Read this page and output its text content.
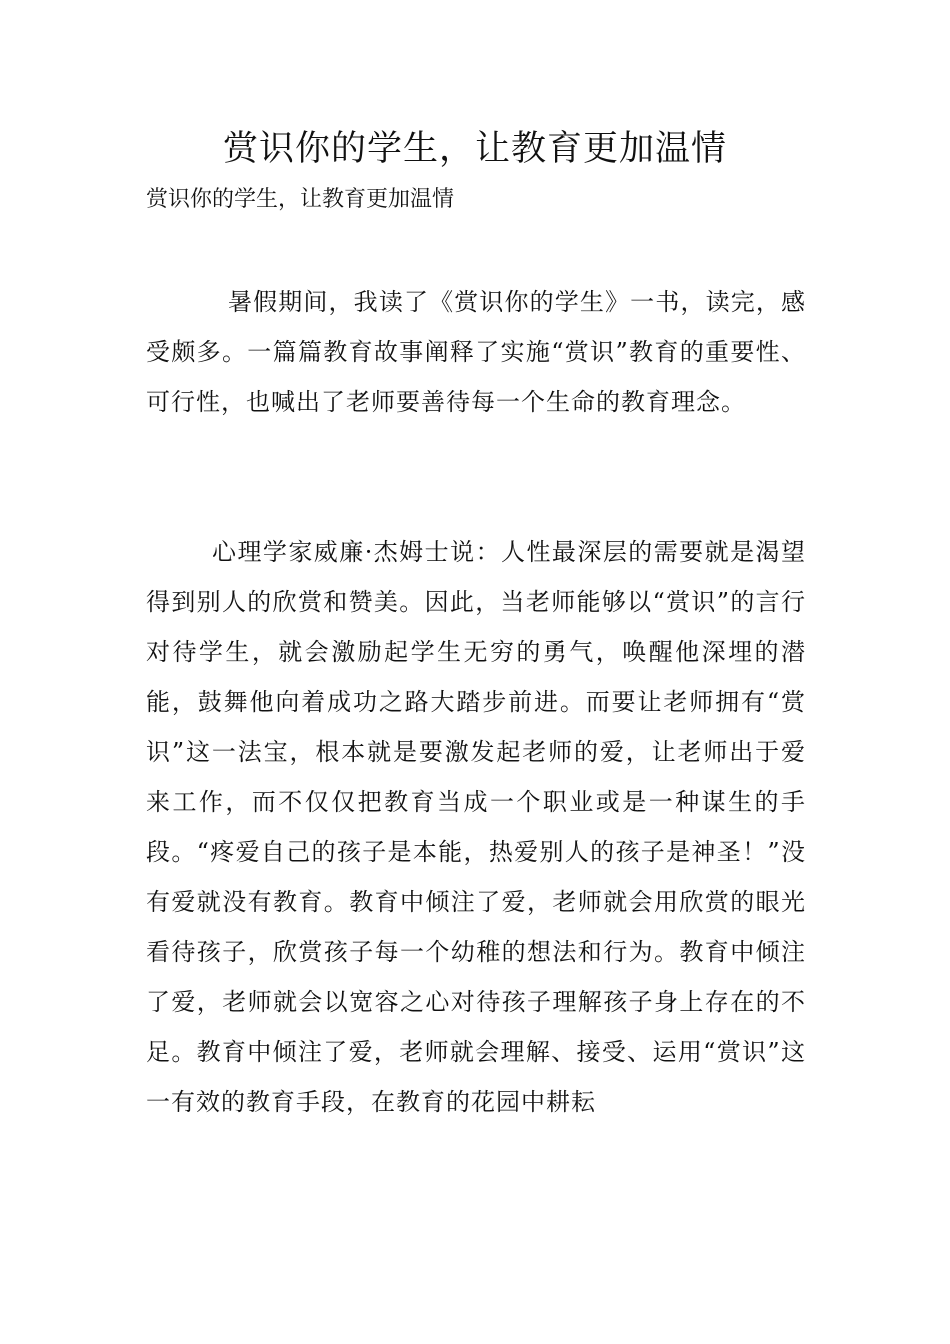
赏识你的学生，让教育更加温情

赏识你的学生，让教育更加温情

暑假期间，我读了《赏识你的学生》一书，读完，感受颇多。一篇篇教育故事阐释了实施“赏识”教育的重要性、可行性，也喊出了老师要善待每一个生命的教育理念。

心理学家威廉·杰姆士说：人性最深层的需要就是渴望得到别人的欣赏和赞美。因此，当老师能够以“赏识”的言行对待学生，就会激励起学生无穷的勇气，唤醒他深埋的潜能，鼓舞他向着成功之路大踏步前进。而要让老师拥有“赏识”这一法宝，根本就是要激发起老师的爱，让老师出于爱来工作，而不仅仅把教育当成一个职业或是一种谋生的手段。“疼爱自己的孩子是本能，热爱别人的孩子是神圣！”没有爱就没有教育。教育中倾注了爱，老师就会用欣赏的眼光看待孩子，欣赏孩子每一个幼稚的想法和行为。教育中倾注了爱，老师就会以宽容之心对待孩子理解孩子身上存在的不足。教育中倾注了爱，老师就会理解、接受、运用“赏识”这一有效的教育手段，在教育的花园中耕耘
